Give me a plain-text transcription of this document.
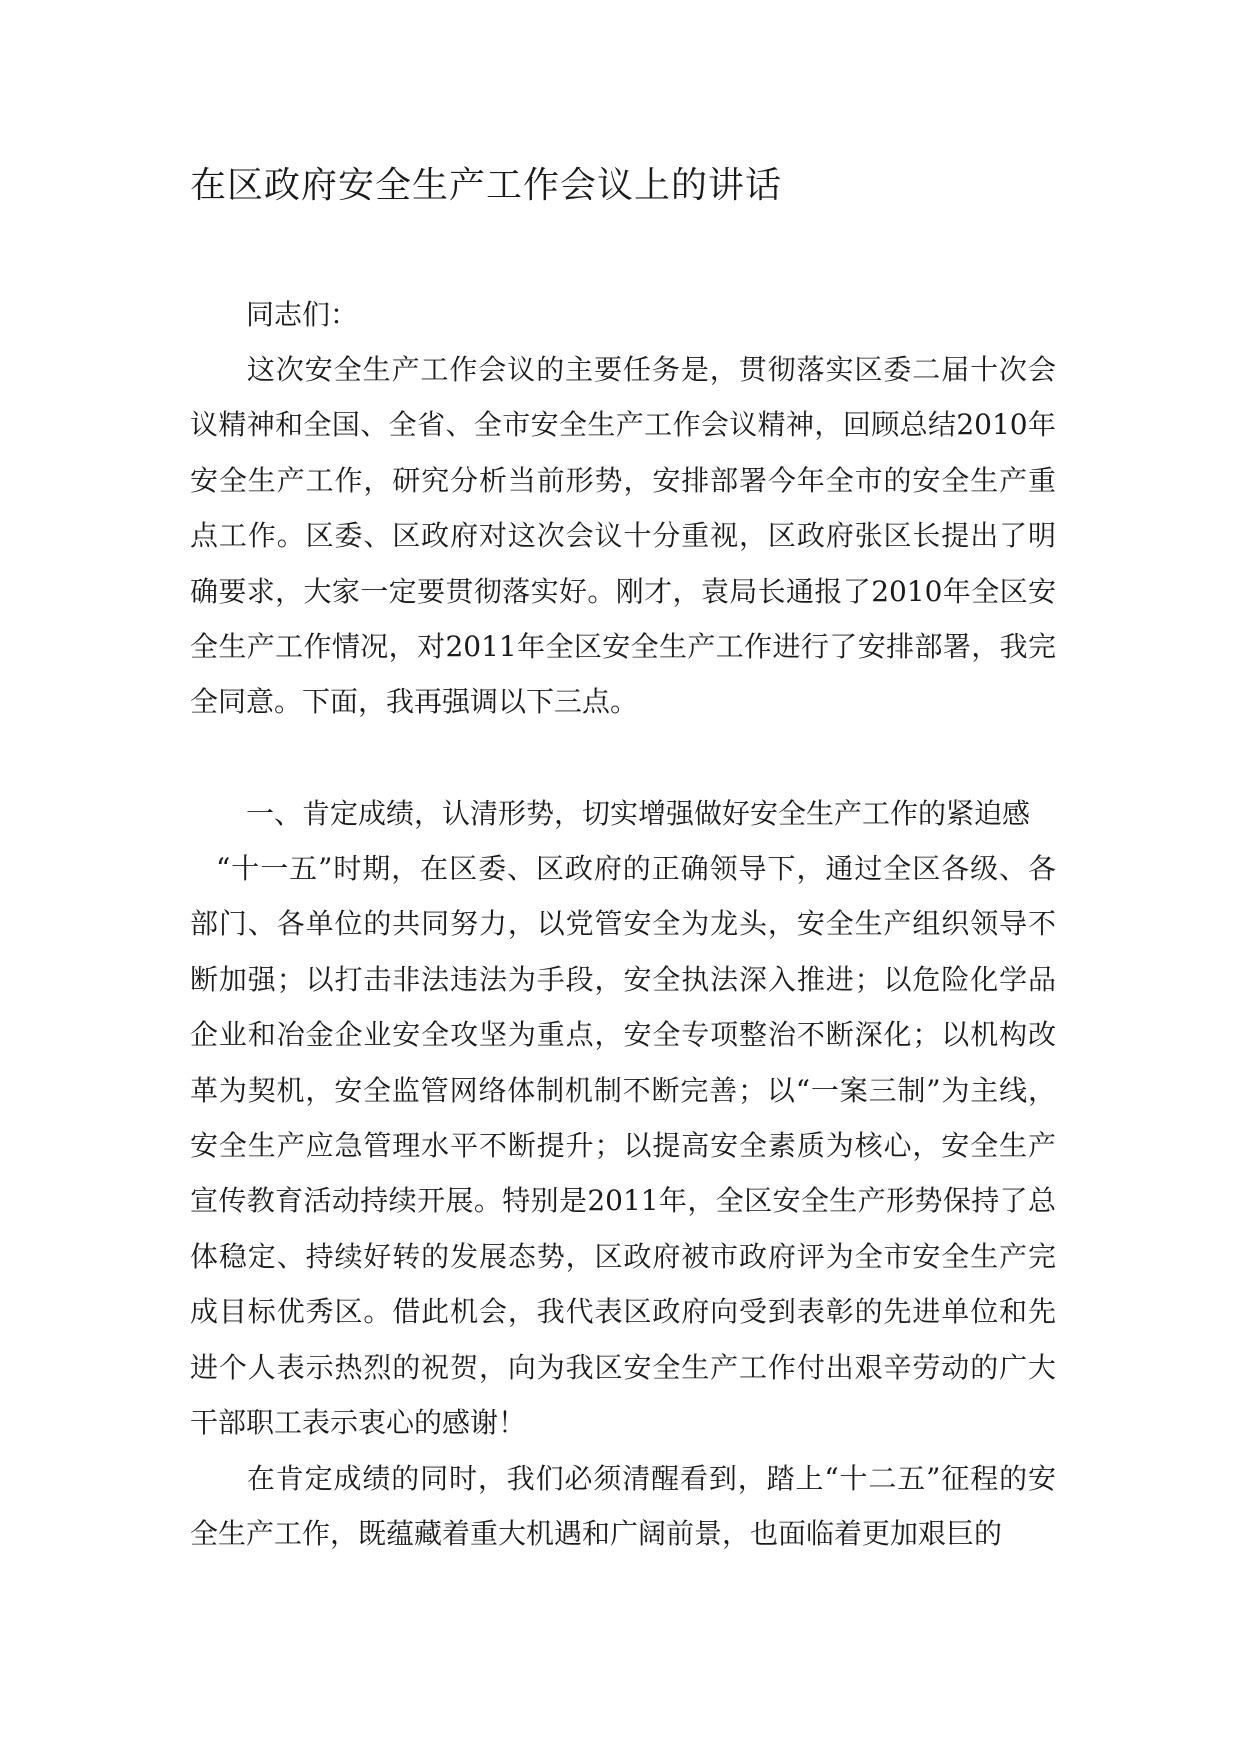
在区政府安全生产工作会议上的讲话

同志们：

这次安全生产工作会议的主要任务是，贯彻落实区委二届十次会议精神和全国、全省、全市安全生产工作会议精神，回顾总结2010年安全生产工作，研究分析当前形势，安排部署今年全市的安全生产重点工作。区委、区政府对这次会议十分重视，区政府张区长提出了明确要求，大家一定要贯彻落实好。刚才，袁局长通报了2010年全区安全生产工作情况，对2011年全区安全生产工作进行了安排部署，我完全同意。下面，我再强调以下三点。

一、肯定成绩，认清形势，切实增强做好安全生产工作的紧迫感

“十一五”时期，在区委、区政府的正确领导下，通过全区各级、各部门、各单位的共同努力，以党管安全为龙头，安全生产组织领导不断加强；以打击非法违法为手段，安全执法深入推进；以危险化学品企业和冶金企业安全攻坚为重点，安全专项整治不断深化；以机构改革为契机，安全监管网络体制机制不断完善；以“一案三制”为主线，安全生产应急管理水平不断提升；以提高安全素质为核心，安全生产宣传教育活动持续开展。特别是2011年，全区安全生产形势保持了总体稳定、持续好转的发展态势，区政府被市政府评为全市安全生产完成目标优秀区。借此机会，我代表区政府向受到表彰的先进单位和先进个人表示热烈的祝贺，向为我区安全生产工作付出艰辛劳动的广大干部职工表示衷心的感谢！

在肯定成绩的同时，我们必须清醒看到，踏上“十二五”征程的安全生产工作，既蕴藏着重大机遇和广阔前景，也面临着更加艰巨的
